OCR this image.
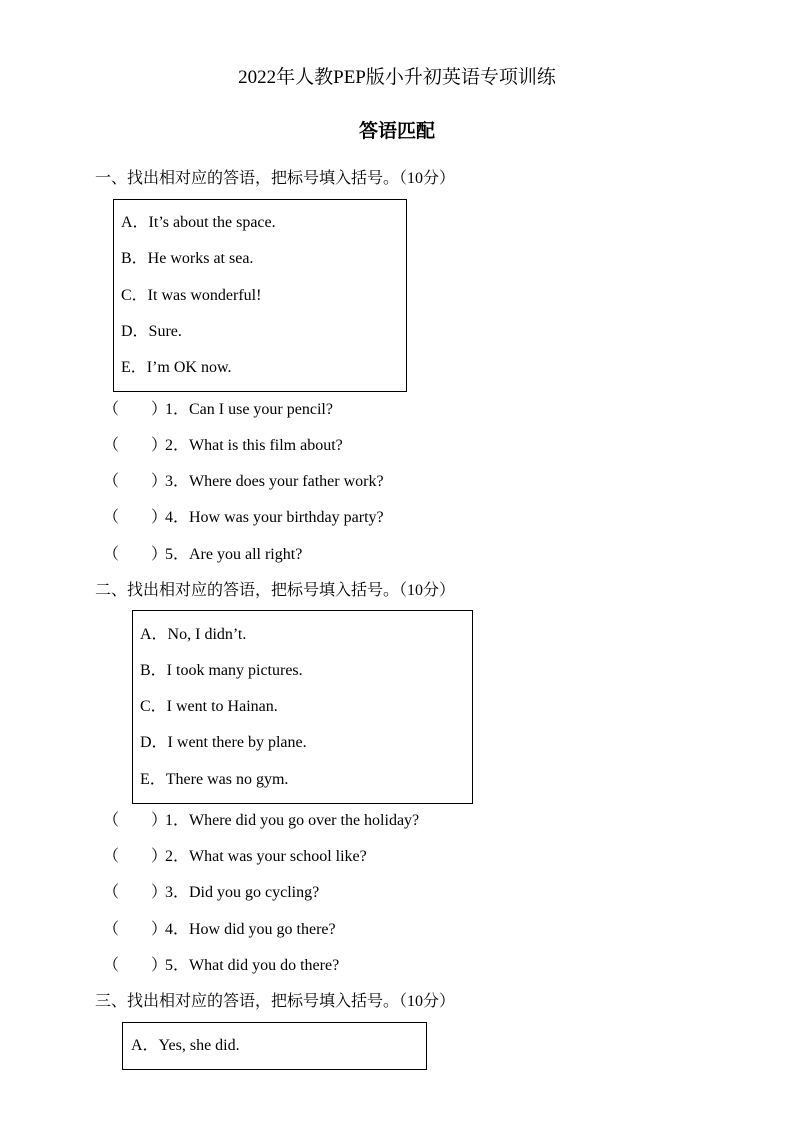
2022年人教PEP版小升初英语专项训练
答语匹配
一、找出相对应的答语，把标号填入括号。（10分）
A．It’s about the space.
B．He works at sea.
C．It was wonderful!
D．Sure.
E．I’m OK now.
（ ）1．Can I use your pencil?
（ ）2．What is this film about?
（ ）3．Where does your father work?
（ ）4．How was your birthday party?
（ ）5．Are you all right?
二、找出相对应的答语，把标号填入括号。（10分）
A．No, I didn’t.
B．I took many pictures.
C．I went to Hainan.
D．I went there by plane.
E．There was no gym.
（ ）1．Where did you go over the holiday?
（ ）2．What was your school like?
（ ）3．Did you go cycling?
（ ）4．How did you go there?
（ ）5．What did you do there?
三、找出相对应的答语，把标号填入括号。（10分）
A．Yes, she did.
